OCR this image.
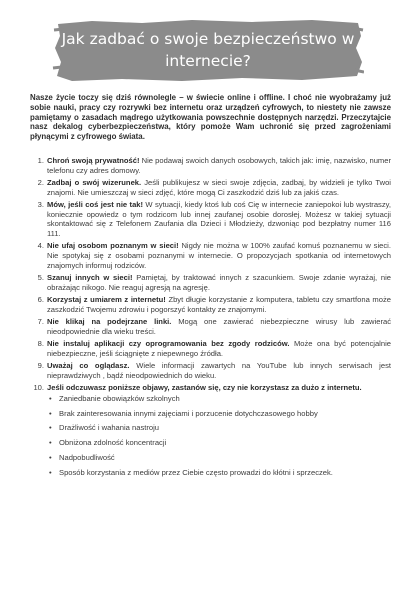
Jak zadbać o swoje bezpieczeństwo w
internecie?
Nasze życie toczy się dziś równolegle – w świecie online i offline. I choć nie wyobrażamy już sobie nauki, pracy czy rozrywki bez internetu oraz urządzeń cyfrowych, to niestety nie zawsze pamiętamy o zasadach mądrego użytkowania powszechnie dostępnych narzędzi. Przeczytajcie nasz dekalog cyberbezpieczeństwa, który pomoże Wam uchronić się przed zagrożeniami płynącymi z cyfrowego świata.
1. Chroń swoją prywatność! Nie podawaj swoich danych osobowych, takich jak: imię, nazwisko, numer telefonu czy adres domowy.
2. Zadbaj o swój wizerunek. Jeśli publikujesz w sieci swoje zdjęcia, zadbaj, by widzieli je tylko Twoi znajomi. Nie umieszczaj w sieci zdjęć, które mogą Ci zaszkodzić dziś lub za jakiś czas.
3. Mów, jeśli coś jest nie tak! W sytuacji, kiedy ktoś lub coś Cię w internecie zaniepokoi lub wystraszy, koniecznie opowiedz o tym rodzicom lub innej zaufanej osobie dorosłej. Możesz w takiej sytuacji skontaktować się z Telefonem Zaufania dla Dzieci i Młodzieży, dzwoniąc pod bezpłatny numer 116 111.
4. Nie ufaj osobom poznanym w sieci! Nigdy nie można w 100% zaufać komuś poznanemu w sieci. Nie spotykaj się z osobami poznanymi w internecie. O propozycjach spotkania od internetowych znajomych informuj rodziców.
5. Szanuj innych w sieci! Pamiętaj, by traktować innych z szacunkiem. Swoje zdanie wyrażaj, nie obrażając nikogo. Nie reaguj agresją na agresję.
6. Korzystaj z umiarem z internetu! Zbyt długie korzystanie z komputera, tabletu czy smartfona może zaszkodzić Twojemu zdrowiu i pogorszyć kontakty ze znajomymi.
7. Nie klikaj na podejrzane linki. Mogą one zawierać niebezpieczne wirusy lub zawierać nieodpowiednie dla wieku treści.
8. Nie instaluj aplikacji czy oprogramowania bez zgody rodziców. Może ona być potencjalnie niebezpieczne, jeśli ściągnięte z niepewnego źródła.
9. Uważaj co oglądasz. Wiele informacji zawartych na YouTube lub innych serwisach jest nieprawdziwych , bądź nieodpowiednich do wieku.
10. Jeśli odczuwasz poniższe objawy, zastanów się, czy nie korzystasz za dużo z internetu.
• Zaniedbanie obowiązków szkolnych
• Brak zainteresowania innymi zajęciami i porzucenie dotychczasowego hobby
• Drażliwość i wahania nastroju
• Obniżona zdolność koncentracji
• Nadpobudliwość
• Sposób korzystania z mediów przez Ciebie często prowadzi do kłótni i sprzeczek.
